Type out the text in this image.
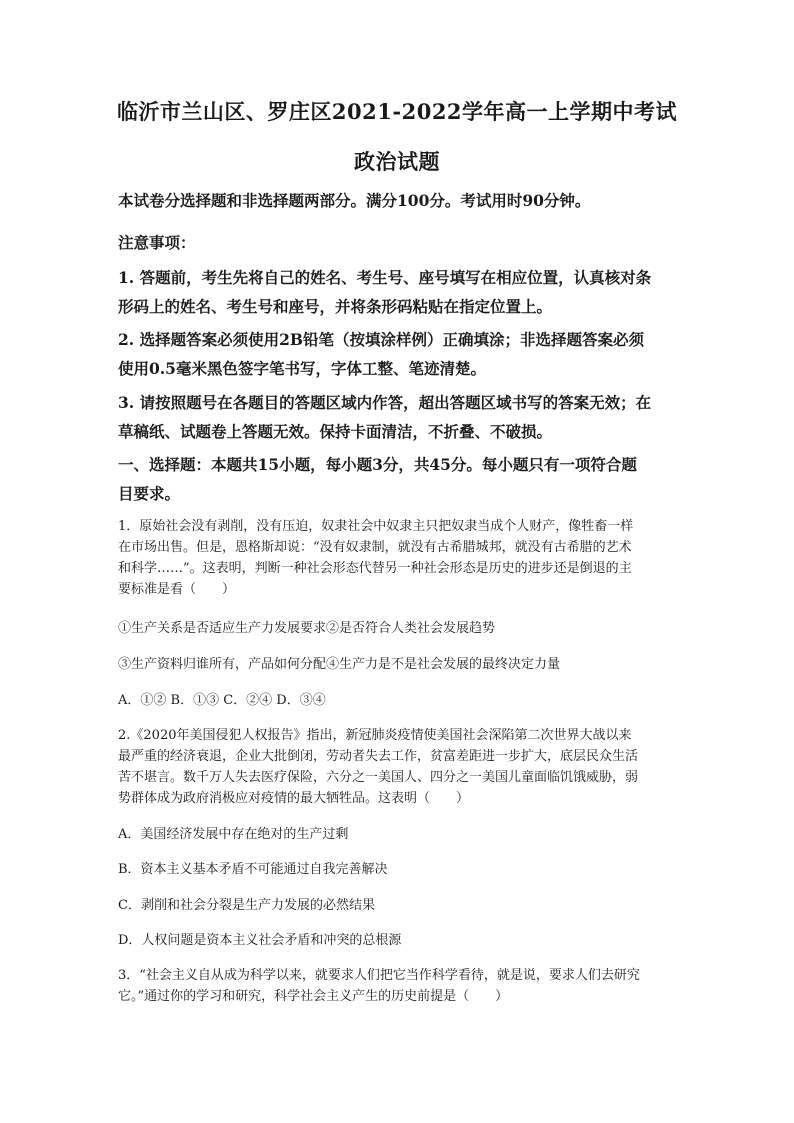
临沂市兰山区、罗庄区2021-2022学年高一上学期中考试
政治试题
本试卷分选择题和非选择题两部分。满分100分。考试用时90分钟。
注意事项：
1. 答题前，考生先将自己的姓名、考生号、座号填写在相应位置，认真核对条
形码上的姓名、考生号和座号，并将条形码粘贴在指定位置上。
2. 选择题答案必须使用2B铅笔（按填涂样例）正确填涂；非选择题答案必须
使用0.5毫米黑色签字笔书写，字体工整、笔迹清楚。
3. 请按照题号在各题目的答题区域内作答，超出答题区域书写的答案无效；在
草稿纸、试题卷上答题无效。保持卡面清洁，不折叠、不破损。
一、选择题：本题共15小题，每小题3分，共45分。每小题只有一项符合题
目要求。
1．原始社会没有剥削，没有压迫，奴隶社会中奴隶主只把奴隶当成个人财产，像牲畜一样
在市场出售。但是，恩格斯却说：“没有奴隶制，就没有古希腊城邦，就没有古希腊的艺术
和科学……”。这表明，判断一种社会形态代替另一种社会形态是历史的进步还是倒退的主
要标准是看（　　）
①生产关系是否适应生产力发展要求②是否符合人类社会发展趋势
③生产资料归谁所有，产品如何分配④生产力是不是社会发展的最终决定力量
A．①② B．①③ C．②④ D．③④
2.《2020年美国侵犯人权报告》指出，新冠肺炎疫情使美国社会深陷第二次世界大战以来
最严重的经济衰退，企业大批倒闭，劳动者失去工作，贫富差距进一步扩大，底层民众生活
苦不堪言。数千万人失去医疗保险，六分之一美国人、四分之一美国儿童面临饥饿威胁，弱
势群体成为政府消极应对疫情的最大牺牲品。这表明（　　）
A．美国经济发展中存在绝对的生产过剩
B．资本主义基本矛盾不可能通过自我完善解决
C．剥削和社会分裂是生产力发展的必然结果
D．人权问题是资本主义社会矛盾和冲突的总根源
3．“社会主义自从成为科学以来，就要求人们把它当作科学看待，就是说，要求人们去研究
它。”通过你的学习和研究，科学社会主义产生的历史前提是（　　）
